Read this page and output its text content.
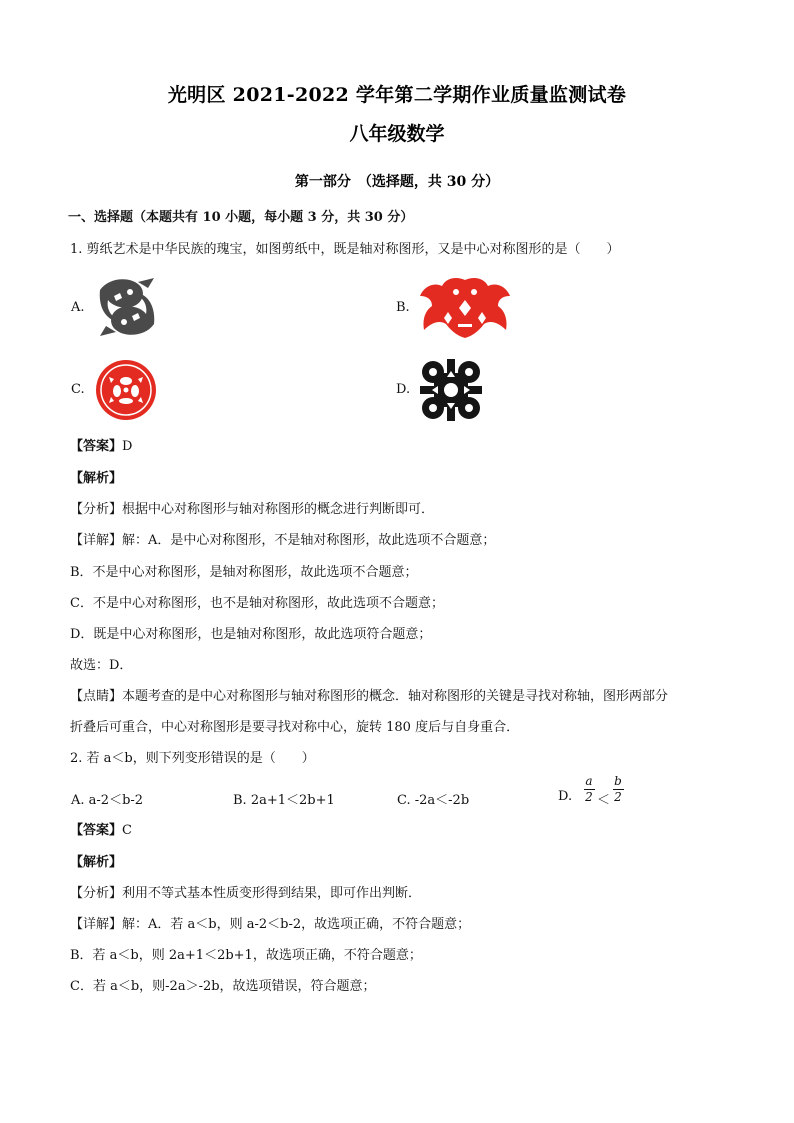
光明区 2021-2022 学年第二学期作业质量监测试卷
八年级数学
第一部分　（选择题，共 30 分）
一、选择题（本题共有 10 小题，每小题 3 分，共 30 分）
1. 剪纸艺术是中华民族的瑰宝，如图剪纸中，既是轴对称图形，又是中心对称图形的是（　　）
A.	B.
C.	D.
【答案】D
【解析】
【分析】根据中心对称图形与轴对称图形的概念进行判断即可．
【详解】解：A．是中心对称图形，不是轴对称图形，故此选项不合题意；
B．不是中心对称图形，是轴对称图形，故此选项不合题意；
C．不是中心对称图形，也不是轴对称图形，故此选项不合题意；
D．既是中心对称图形，也是轴对称图形，故此选项符合题意；
故选：D．
【点睛】本题考查的是中心对称图形与轴对称图形的概念．轴对称图形的关键是寻找对称轴，图形两部分
折叠后可重合，中心对称图形是要寻找对称中心，旋转 180 度后与自身重合．
2. 若 a＜b，则下列变形错误的是（　　）
A. a-2＜b-2	B. 2a+1＜2b+1	C. -2a＜-2b	D.
a
2 ＜
b
2
【答案】C
【解析】
【分析】利用不等式基本性质变形得到结果，即可作出判断．
【详解】解：A．若 a＜b，则 a-2＜b-2，故选项正确，不符合题意；
B．若 a＜b，则 2a+1＜2b+1，故选项正确，不符合题意；
C．若 a＜b，则-2a＞-2b，故选项错误，符合题意；
